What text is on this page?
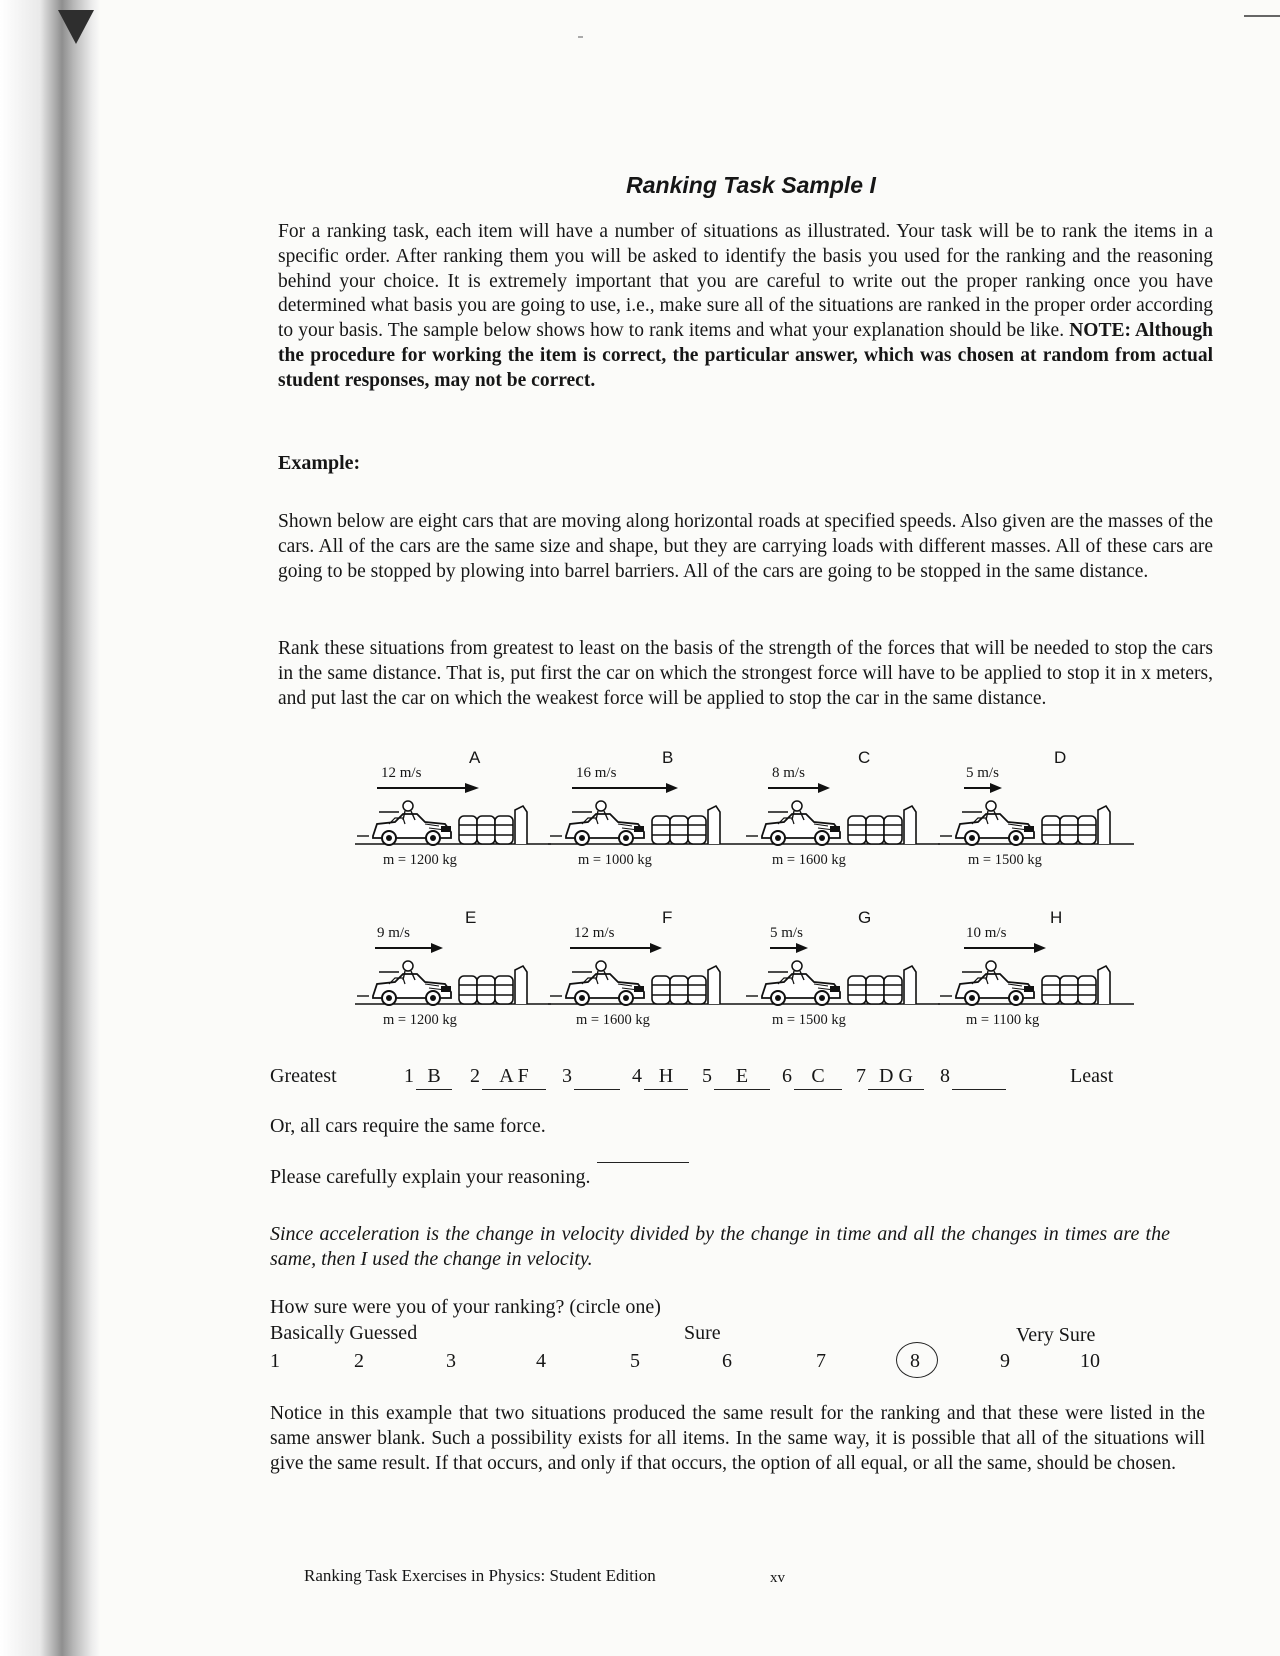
Ranking Task Sample I

For a ranking task, each item will have a number of situations as illustrated. Your task will be to rank the items in a specific order. After ranking them you will be asked to identify the basis you used for the ranking and the reasoning behind your choice. It is extremely important that you are careful to write out the proper ranking once you have determined what basis you are going to use, i.e., make sure all of the situations are ranked in the proper order according to your basis. The sample below shows how to rank items and what your explanation should be like. NOTE: Although the procedure for working the item is correct, the particular answer, which was chosen at random from actual student responses, may not be correct.

Example:

Shown below are eight cars that are moving along horizontal roads at specified speeds. Also given are the masses of the cars. All of the cars are the same size and shape, but they are carrying loads with different masses. All of these cars are going to be stopped by plowing into barrel barriers. All of the cars are going to be stopped in the same distance.

Rank these situations from greatest to least on the basis of the strength of the forces that will be needed to stop the cars in the same distance. That is, put first the car on which the strongest force will have to be applied to stop it in x meters, and put last the car on which the weakest force will be applied to stop the car in the same distance.

A
12 m/s
m = 1200 kg
B
16 m/s
m = 1000 kg
C
8 m/s
m = 1600 kg
D
5 m/s
m = 1500 kg
E
9 m/s
m = 1200 kg
F
12 m/s
m = 1600 kg
G
5 m/s
m = 1500 kg
H
10 m/s
m = 1100 kg
Greatest	1 B	2 A F	3	4 H	5	E	6 C	7 D G	8	Least

Or, all cars require the same force.

Please carefully explain your reasoning.

Since acceleration is the change in velocity divided by the change in time and all the changes in times are the same, then I used the change in velocity.

How sure were you of your ranking? (circle one)

Basically Guessed	Sure	Very Sure
1	2	3	4	5	6	7	8	9	10

Notice in this example that two situations produced the same result for the ranking and that these were listed in the same answer blank. Such a possibility exists for all items. In the same way, it is possible that all of the situations will give the same result. If that occurs, and only if that occurs, the option of all equal, or all the same, should be chosen.

Ranking Task Exercises in Physics: Student Edition	xv
